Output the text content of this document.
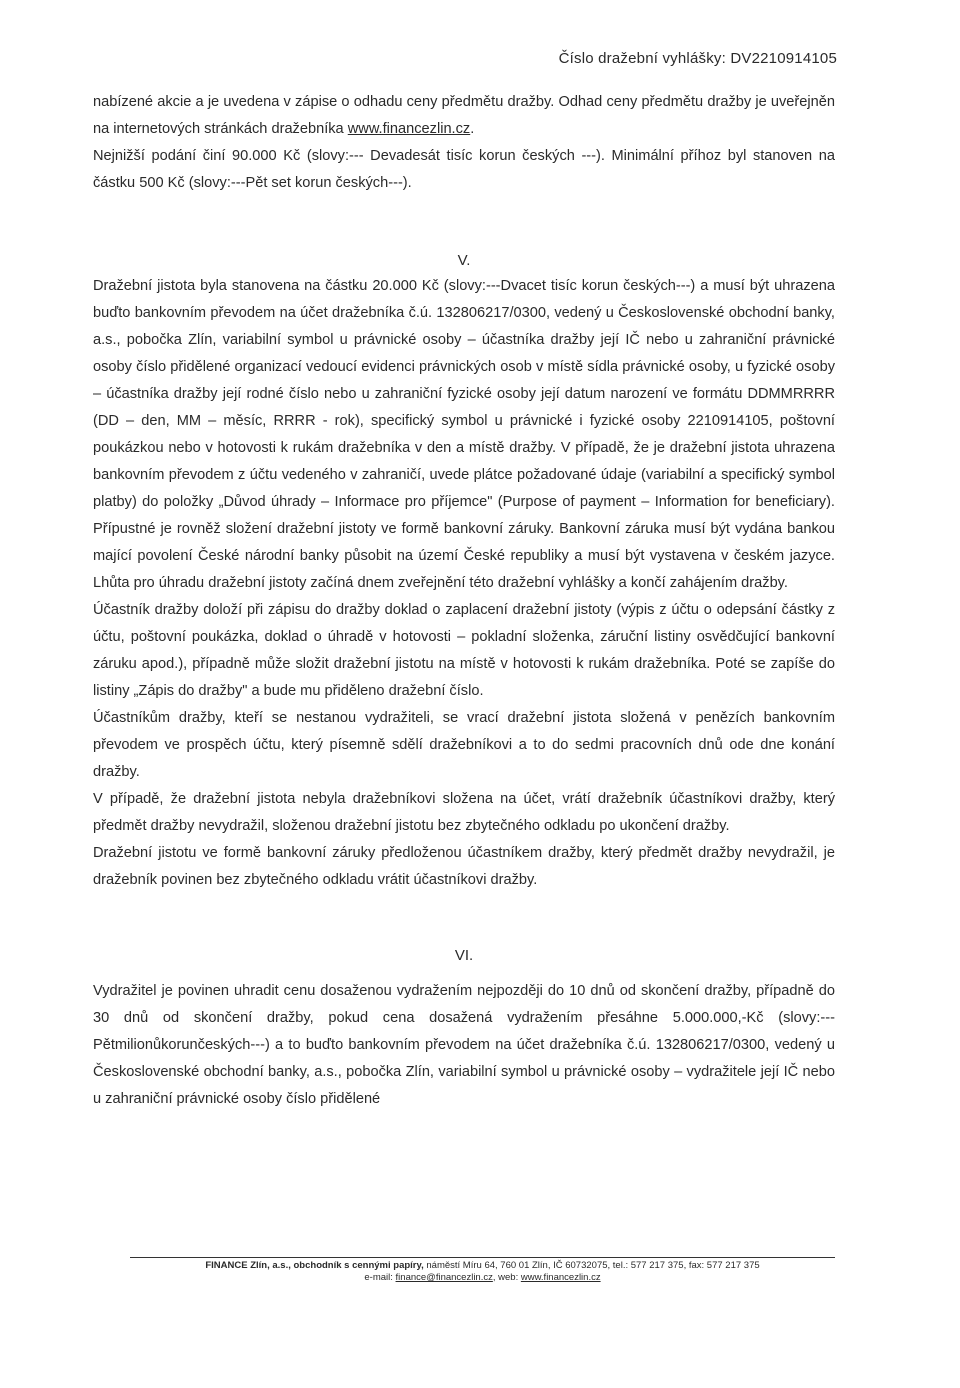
Číslo dražební vyhlášky: DV2210914105

nabízené akcie a je uvedena v zápise o odhadu ceny předmětu dražby. Odhad ceny předmětu dražby je uveřejněn na internetových stránkách dražebníka www.financezlin.cz.

Nejnižší podání činí 90.000 Kč (slovy:--- Devadesát tisíc korun českých ---). Minimální příhoz byl stanoven na částku 500 Kč (slovy:---Pět set korun českých---).

V.

Dražební jistota byla stanovena na částku 20.000 Kč (slovy:---Dvacet tisíc korun českých---) a musí být uhrazena buďto bankovním převodem na účet dražebníka č.ú. 132806217/0300, vedený u Československé obchodní banky, a.s., pobočka Zlín, variabilní symbol u právnické osoby – účastníka dražby její IČ nebo u zahraniční právnické osoby číslo přidělené organizací vedoucí evidenci právnických osob v místě sídla právnické osoby, u fyzické osoby – účastníka dražby její rodné číslo nebo u zahraniční fyzické osoby její datum narození ve formátu DDMMRRRR (DD – den, MM – měsíc, RRRR - rok), specifický symbol u právnické i fyzické osoby 2210914105, poštovní poukázkou nebo v hotovosti k rukám dražebníka v den a místě dražby. V případě, že je dražební jistota uhrazena bankovním převodem z účtu vedeného v zahraničí, uvede plátce požadované údaje (variabilní a specifický symbol platby) do položky „Důvod úhrady – Informace pro příjemce" (Purpose of payment – Information for beneficiary). Přípustné je rovněž složení dražební jistoty ve formě bankovní záruky. Bankovní záruka musí být vydána bankou mající povolení České národní banky působit na území České republiky a musí být vystavena v českém jazyce. Lhůta pro úhradu dražební jistoty začíná dnem zveřejnění této dražební vyhlášky a končí zahájením dražby.

Účastník dražby doloží při zápisu do dražby doklad o zaplacení dražební jistoty (výpis z účtu o odepsání částky z účtu, poštovní poukázka, doklad o úhradě v hotovosti – pokladní složenka, záruční listiny osvědčující bankovní záruku apod.), případně může složit dražební jistotu na místě v hotovosti k rukám dražebníka. Poté se zapíše do listiny „Zápis do dražby" a bude mu přiděleno dražební číslo.

Účastníkům dražby, kteří se nestanou vydražiteli, se vrací dražební jistota složená v penězích bankovním převodem ve prospěch účtu, který písemně sdělí dražebníkovi a to do sedmi pracovních dnů ode dne konání dražby.

V případě, že dražební jistota nebyla dražebníkovi složena na účet, vrátí dražebník účastníkovi dražby, který předmět dražby nevydražil, složenou dražební jistotu bez zbytečného odkladu po ukončení dražby.

Dražební jistotu ve formě bankovní záruky předloženou účastníkem dražby, který předmět dražby nevydražil, je dražebník povinen bez zbytečného odkladu vrátit účastníkovi dražby.

VI.

Vydražitel je povinen uhradit cenu dosaženou vydražením nejpozději do 10 dnů od skončení dražby, případně do 30 dnů od skončení dražby, pokud cena dosažená vydražením přesáhne 5.000.000,-Kč (slovy:---Pětmilionůkorunčeských---) a to buďto bankovním převodem na účet dražebníka č.ú. 132806217/0300, vedený u Československé obchodní banky, a.s., pobočka Zlín, variabilní symbol u právnické osoby – vydražitele její IČ nebo u zahraniční právnické osoby číslo přidělené

FINANCE Zlín, a.s., obchodník s cennými papíry, náměstí Míru 64, 760 01 Zlín, IČ 60732075, tel.: 577 217 375, fax: 577 217 375
e-mail: finance@financezlin.cz, web: www.financezlin.cz
